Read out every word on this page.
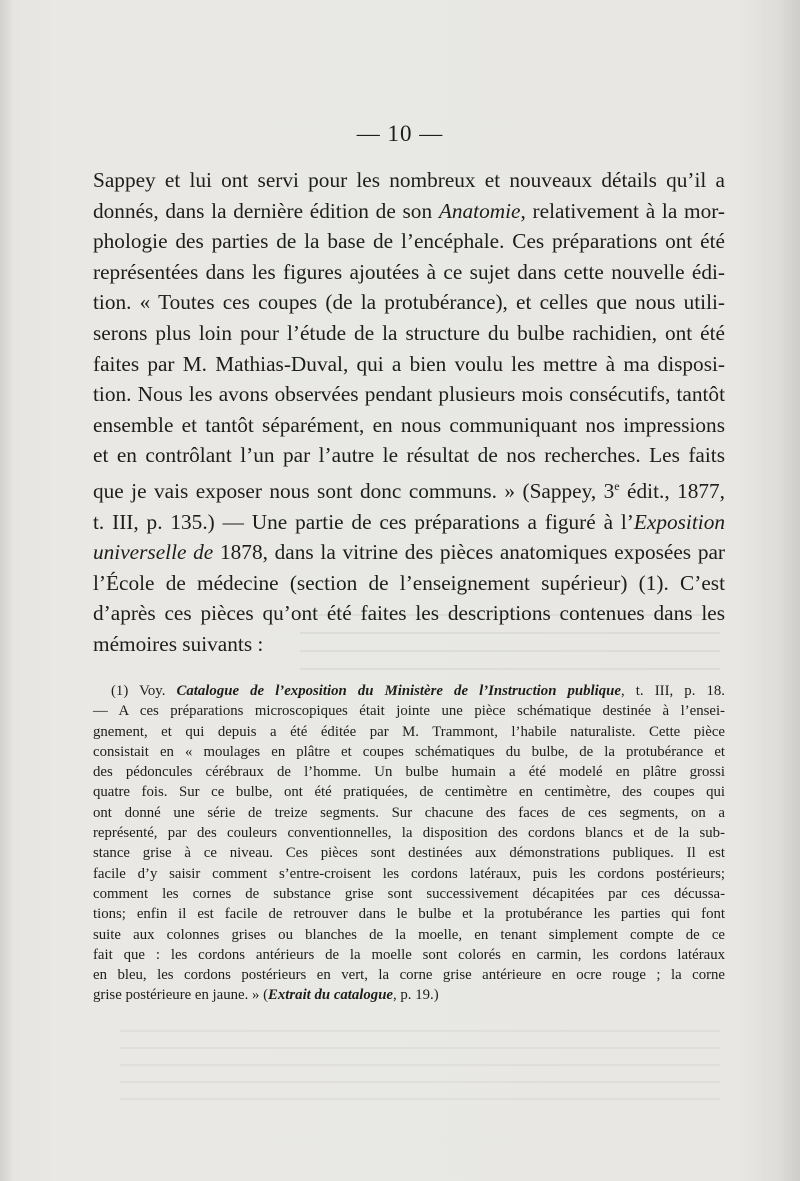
— 10 —
Sappey et lui ont servi pour les nombreux et nouveaux détails qu’il a
donnés, dans la dernière édition de son Anatomie, relativement à la mor-
phologie des parties de la base de l’encéphale. Ces préparations ont été
représentées dans les figures ajoutées à ce sujet dans cette nouvelle édi-
tion. « Toutes ces coupes (de la protubérance), et celles que nous utili-
serons plus loin pour l’étude de la structure du bulbe rachidien, ont été
faites par M. Mathias-Duval, qui a bien voulu les mettre à ma disposi-
tion. Nous les avons observées pendant plusieurs mois consécutifs, tantôt
ensemble et tantôt séparément, en nous communiquant nos impressions
et en contrôlant l’un par l’autre le résultat de nos recherches. Les faits
que je vais exposer nous sont donc communs. » (Sappey, 3e édit., 1877,
t. III, p. 135.) — Une partie de ces préparations a figuré à l’Exposition
universelle de 1878, dans la vitrine des pièces anatomiques exposées par
l’École de médecine (section de l’enseignement supérieur) (1). C’est
d’après ces pièces qu’ont été faites les descriptions contenues dans les
mémoires suivants :
(1) Voy. Catalogue de l’exposition du Ministère de l’Instruction publique, t. III, p. 18.
— A ces préparations microscopiques était jointe une pièce schématique destinée à l’ensei-
gnement, et qui depuis a été éditée par M. Trammont, l’habile naturaliste. Cette pièce
consistait en « moulages en plâtre et coupes schématiques du bulbe, de la protubérance et
des pédoncules cérébraux de l’homme. Un bulbe humain a été modelé en plâtre grossi
quatre fois. Sur ce bulbe, ont été pratiquées, de centimètre en centimètre, des coupes qui
ont donné une série de treize segments. Sur chacune des faces de ces segments, on a
représenté, par des couleurs conventionnelles, la disposition des cordons blancs et de la sub-
stance grise à ce niveau. Ces pièces sont destinées aux démonstrations publiques. Il est
facile d’y saisir comment s’entre-croisent les cordons latéraux, puis les cordons postérieurs;
comment les cornes de substance grise sont successivement décapitées par ces décussa-
tions; enfin il est facile de retrouver dans le bulbe et la protubérance les parties qui font
suite aux colonnes grises ou blanches de la moelle, en tenant simplement compte de ce
fait que : les cordons antérieurs de la moelle sont colorés en carmin, les cordons latéraux
en bleu, les cordons postérieurs en vert, la corne grise antérieure en ocre rouge ; la corne
grise postérieure en jaune. » (Extrait du catalogue, p. 19.)
